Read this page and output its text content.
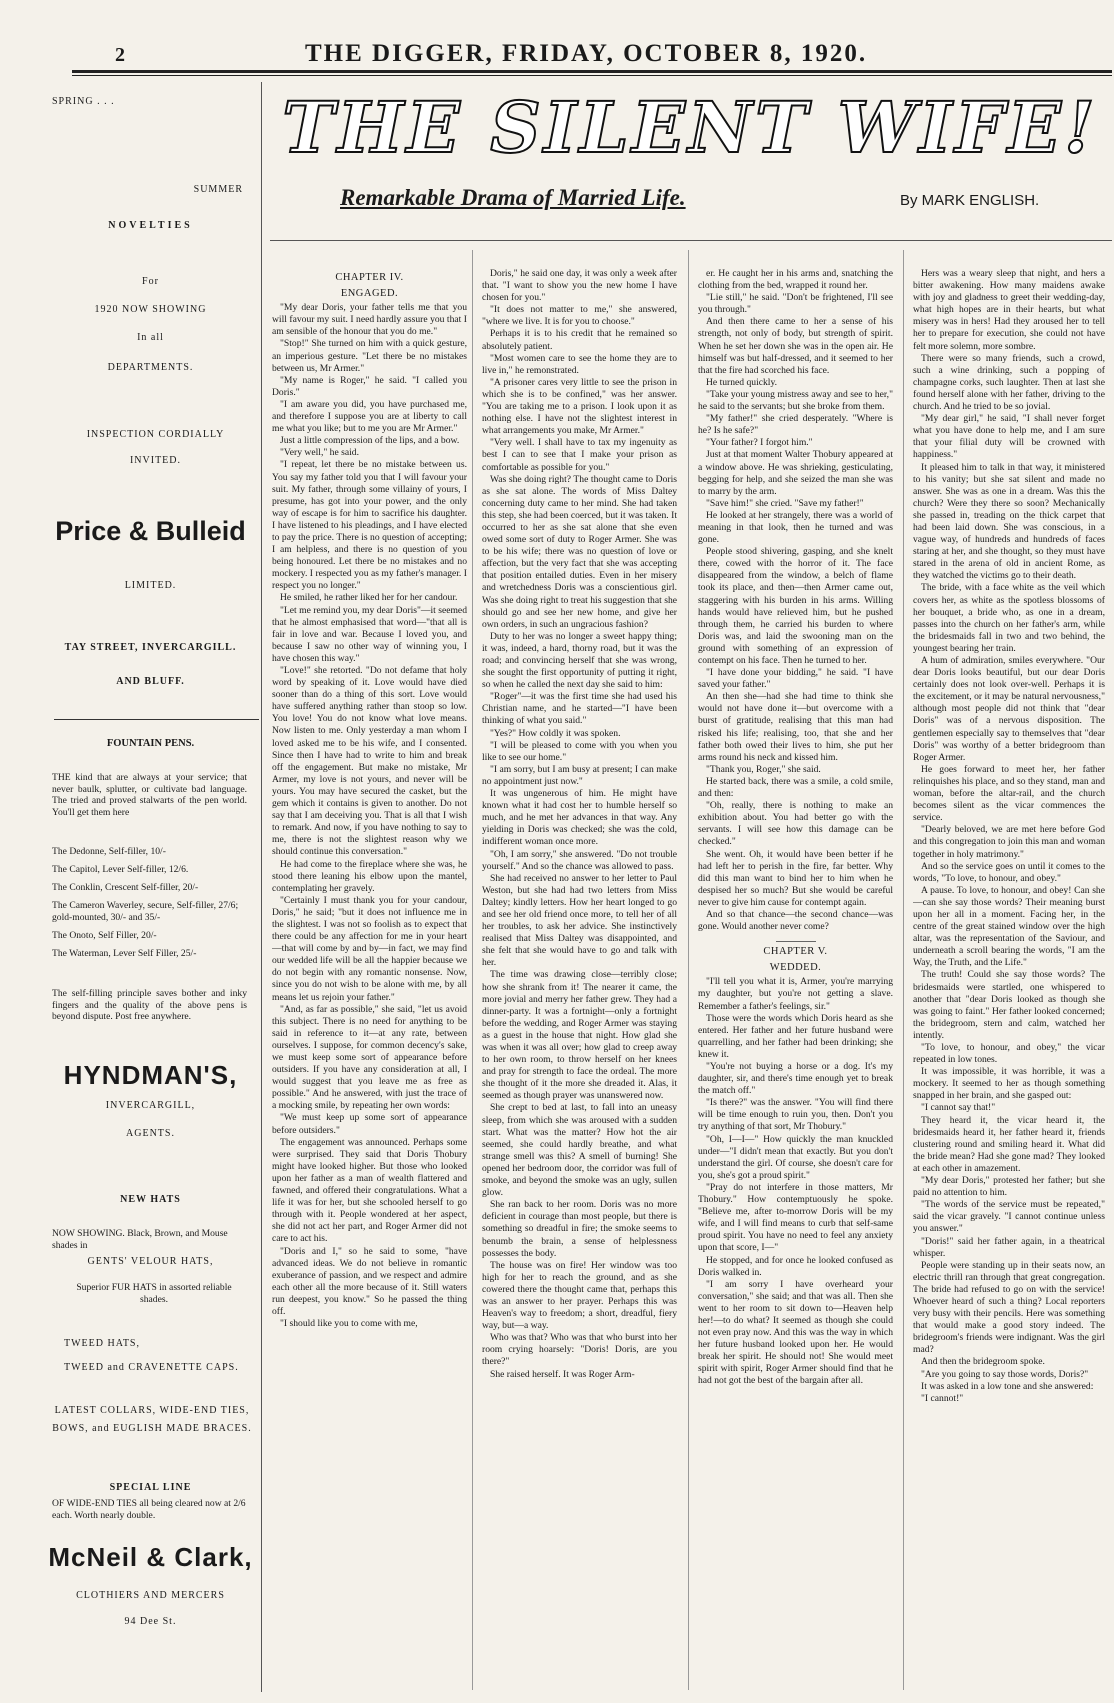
2	THE DIGGER, FRIDAY, OCTOBER 8, 1920.
SPRING . . .
SUMMER
NOVELTIES
For
1920 NOW SHOWING
In all
DEPARTMENTS.
INSPECTION CORDIALLY INVITED.

Price & Bulleid

LIMITED.
TAY STREET, INVERCARGILL.
AND BLUFF.
FOUNTAIN PENS.
THE kind that are always at your service; that never baulk, splutter, or cultivate bad language. The tried and proved stalwarts of the pen world. You'll get them here
The Dedonne, Self-filler, 10/-
The Capitol, Lever Self-filler, 12/6.
The Conklin, Crescent Self-filler, 20/-
The Cameron Waverley, secure, Self-filler, 27/6; gold-mounted, 30/- and 35/-
The Onoto, Self Filler, 20/-
The Waterman, Lever Self Filler, 25/-
The self-filling principle saves bother and inky fingers and the quality of the above pens is beyond dispute. Post free anywhere.

HYNDMAN'S,

INVERCARGILL,
AGENTS.
NEW HATS
NOW SHOWING. Black, Brown, and Mouse shades in
GENTS' VELOUR HATS,
Superior FUR HATS in assorted reliable shades.
TWEED HATS,
TWEED and CRAVENETTE CAPS.
LATEST COLLARS, WIDE-END TIES, BOWS, and EUGLISH MADE BRACES.
SPECIAL LINE
OF WIDE-END TIES all being cleared now at 2/6 each. Worth nearly double.

McNeil & Clark,

CLOTHIERS AND MERCERS
94 Dee St.
THE SILENT WIFE!
Remarkable Drama of Married Life.	By MARK ENGLISH.
CHAPTER IV.
ENGAGED.

"My dear Doris, your father tells me that you will favour my suit. I need hardly assure you that I am sensible of the honour that you do me."

"Stop!" She turned on him with a quick gesture, an imperious gesture. "Let there be no mistakes between us, Mr Armer."

"My name is Roger," he said. "I called you Doris."

"I am aware you did, you have purchased me, and therefore I suppose you are at liberty to call me what you like; but to me you are Mr Armer."

Just a little compression of the lips, and a bow.

"Very well," he said.

"I repeat, let there be no mistake between us. You say my father told you that I will favour your suit. My father, through some villainy of yours, I presume, has got into your power, and the only way of escape is for him to sacrifice his daughter. I have listened to his pleadings, and I have elected to pay the price. There is no question of accepting; I am helpless, and there is no question of you being honoured. Let there be no mistakes and no mockery. I respected you as my father's manager. I respect you no longer."

He smiled, he rather liked her for her candour.

"Let me remind you, my dear Doris"—it seemed that he almost emphasised that word—"that all is fair in love and war. Because I loved you, and because I saw no other way of winning you, I have chosen this way."

"Love!" she retorted. "Do not defame that holy word by speaking of it. Love would have died sooner than do a thing of this sort. Love would have suffered anything rather than stoop so low. You love! You do not know what love means. Now listen to me. Only yesterday a man whom I loved asked me to be his wife, and I consented. Since then I have had to write to him and break off the engagement. But make no mistake, Mr Armer, my love is not yours, and never will be yours. You may have secured the casket, but the gem which it contains is given to another. Do not say that I am deceiving you. That is all that I wish to remark. And now, if you have nothing to say to me, there is not the slightest reason why we should continue this conversation."

He had come to the fireplace where she was, he stood there leaning his elbow upon the mantel, contemplating her gravely.

"Certainly I must thank you for your candour, Doris," he said; "but it does not influence me in the slightest. I was not so foolish as to expect that there could be any affection for me in your heart—that will come by and by—in fact, we may find our wedded life will be all the happier because we do not begin with any romantic nonsense. Now, since you do not wish to be alone with me, by all means let us rejoin your father."

"And, as far as possible," she said, "let us avoid this subject. There is no need for anything to be said in reference to it—at any rate, between ourselves. I suppose, for common decency's sake, we must keep some sort of appearance before outsiders. If you have any consideration at all, I would suggest that you leave me as free as possible." And he answered, with just the trace of a mocking smile, by repeating her own words:

"We must keep up some sort of appearance before outsiders."

The engagement was announced. Perhaps some were surprised. They said that Doris Thobury might have looked higher. But those who looked upon her father as a man of wealth flattered and fawned, and offered their congratulations. What a life it was for her, but she schooled herself to go through with it. People wondered at her aspect, she did not act her part, and Roger Armer did not care to act his.

"Doris and I," so he said to some, "have advanced ideas. We do not believe in romantic exuberance of passion, and we respect and admire each other all the more because of it. Still waters run deepest, you know." So he passed the thing off.

"I should like you to come with me,

Doris," he said one day, it was only a week after that. "I want to show you the new home I have chosen for you."

"It does not matter to me," she answered, "where we live. It is for you to choose."

Perhaps it is to his credit that he remained so absolutely patient.

"Most women care to see the home they are to live in," he remonstrated.

"A prisoner cares very little to see the prison in which she is to be confined," was her answer. "You are taking me to a prison. I look upon it as nothing else. I have not the slightest interest in what arrangements you make, Mr Armer."

"Very well. I shall have to tax my ingenuity as best I can to see that I make your prison as comfortable as possible for you."

Was she doing right? The thought came to Doris as she sat alone. The words of Miss Daltey concerning duty came to her mind. She had taken this step, she had been coerced, but it was taken. It occurred to her as she sat alone that she even owed some sort of duty to Roger Armer. She was to be his wife; there was no question of love or affection, but the very fact that she was accepting that position entailed duties. Even in her misery and wretchedness Doris was a conscientious girl. Was she doing right to treat his suggestion that she should go and see her new home, and give her own orders, in such an ungracious fashion?

Duty to her was no longer a sweet happy thing; it was, indeed, a hard, thorny road, but it was the road; and convincing herself that she was wrong, she sought the first opportunity of putting it right, so when he called the next day she said to him:

"Roger"—it was the first time she had used his Christian name, and he started—"I have been thinking of what you said."

"Yes?" How coldly it was spoken.

"I will be pleased to come with you when you like to see our home."

"I am sorry, but I am busy at present; I can make no appointment just now."

It was ungenerous of him. He might have known what it had cost her to humble herself so much, and he met her advances in that way. Any yielding in Doris was checked; she was the cold, indifferent woman once more.

"Oh, I am sorry," she answered. "Do not trouble yourself." And so the chance was allowed to pass.

She had received no answer to her letter to Paul Weston, but she had had two letters from Miss Daltey; kindly letters. How her heart longed to go and see her old friend once more, to tell her of all her troubles, to ask her advice. She instinctively realised that Miss Daltey was disappointed, and she felt that she would have to go and talk with her.

The time was drawing close—terribly close; how she shrank from it! The nearer it came, the more jovial and merry her father grew. They had a dinner-party. It was a fortnight—only a fortnight before the wedding, and Roger Armer was staying as a guest in the house that night. How glad she was when it was all over; how glad to creep away to her own room, to throw herself on her knees and pray for strength to face the ordeal. The more she thought of it the more she dreaded it. Alas, it seemed as though prayer was unanswered now.

She crept to bed at last, to fall into an uneasy sleep, from which she was aroused with a sudden start. What was the matter? How hot the air seemed, she could hardly breathe, and what strange smell was this? A smell of burning! She opened her bedroom door, the corridor was full of smoke, and beyond the smoke was an ugly, sullen glow.

She ran back to her room. Doris was no more deficient in courage than most people, but there is something so dreadful in fire; the smoke seems to benumb the brain, a sense of helplessness possesses the body.

The house was on fire! Her window was too high for her to reach the ground, and as she cowered there the thought came that, perhaps this was an answer to her prayer. Perhaps this was Heaven's way to freedom; a short, dreadful, fiery way, but—a way.

Who was that? Who was that who burst into her room crying hoarsely: "Doris! Doris, are you there?"

She raised herself. It was Roger Arm-

er. He caught her in his arms and, snatching the clothing from the bed, wrapped it round her.

"Lie still," he said. "Don't be frightened, I'll see you through."

And then there came to her a sense of his strength, not only of body, but strength of spirit. When he set her down she was in the open air. He himself was but half-dressed, and it seemed to her that the fire had scorched his face.

He turned quickly.

"Take your young mistress away and see to her," he said to the servants; but she broke from them.

"My father!" she cried desperately. "Where is he? Is he safe?"

"Your father? I forgot him."

Just at that moment Walter Thobury appeared at a window above. He was shrieking, gesticulating, begging for help, and she seized the man she was to marry by the arm.

"Save him!" she cried. "Save my father!"

He looked at her strangely, there was a world of meaning in that look, then he turned and was gone.

People stood shivering, gasping, and she knelt there, cowed with the horror of it. The face disappeared from the window, a belch of flame took its place, and then—then Armer came out, staggering with his burden in his arms. Willing hands would have relieved him, but he pushed through them, he carried his burden to where Doris was, and laid the swooning man on the ground with something of an expression of contempt on his face. Then he turned to her.

"I have done your bidding," he said. "I have saved your father."

An then she—had she had time to think she would not have done it—but overcome with a burst of gratitude, realising that this man had risked his life; realising, too, that she and her father both owed their lives to him, she put her arms round his neck and kissed him.

"Thank you, Roger," she said.

He started back, there was a smile, a cold smile, and then:

"Oh, really, there is nothing to make an exhibition about. You had better go with the servants. I will see how this damage can be checked."

She went. Oh, it would have been better if he had left her to perish in the fire, far better. Why did this man want to bind her to him when he despised her so much? But she would be careful never to give him cause for contempt again.

And so that chance—the second chance—was gone. Would another never come?

CHAPTER V.
WEDDED.

"I'll tell you what it is, Armer, you're marrying my daughter, but you're not getting a slave. Remember a father's feelings, sir."

Those were the words which Doris heard as she entered. Her father and her future husband were quarrelling, and her father had been drinking; she knew it.

"You're not buying a horse or a dog. It's my daughter, sir, and there's time enough yet to break the match off."

"Is there?" was the answer. "You will find there will be time enough to ruin you, then. Don't you try anything of that sort, Mr Thobury."

"Oh, I—I—" How quickly the man knuckled under—"I didn't mean that exactly. But you don't understand the girl. Of course, she doesn't care for you, she's got a proud spirit."

"Pray do not interfere in those matters, Mr Thobury." How contemptuously he spoke. "Believe me, after to-morrow Doris will be my wife, and I will find means to curb that self-same proud spirit. You have no need to feel any anxiety upon that score, I—"

He stopped, and for once he looked confused as Doris walked in.

"I am sorry I have overheard your conversation," she said; and that was all. Then she went to her room to sit down to—Heaven help her!—to do what? It seemed as though she could not even pray now. And this was the way in which her future husband looked upon her. He would break her spirit. He should not! She would meet spirit with spirit, Roger Armer should find that he had not got the best of the bargain after all.

Hers was a weary sleep that night, and hers a bitter awakening. How many maidens awake with joy and gladness to greet their wedding-day, what high hopes are in their hearts, but what misery was in hers! Had they aroused her to tell her to prepare for execution, she could not have felt more solemn, more sombre.

There were so many friends, such a crowd, such a wine drinking, such a popping of champagne corks, such laughter. Then at last she found herself alone with her father, driving to the church. And he tried to be so jovial.

"My dear girl," he said, "I shall never forget what you have done to help me, and I am sure that your filial duty will be crowned with happiness."

It pleased him to talk in that way, it ministered to his vanity; but she sat silent and made no answer. She was as one in a dream. Was this the church? Were they there so soon? Mechanically she passed in, treading on the thick carpet that had been laid down. She was conscious, in a vague way, of hundreds and hundreds of faces staring at her, and she thought, so they must have stared in the arena of old in ancient Rome, as they watched the victims go to their death.

The bride, with a face white as the veil which covers her, as white as the spotless blossoms of her bouquet, a bride who, as one in a dream, passes into the church on her father's arm, while the bridesmaids fall in two and two behind, the youngest bearing her train.

A hum of admiration, smiles everywhere. "Our dear Doris looks beautiful, but our dear Doris certainly does not look over-well. Perhaps it is the excitement, or it may be natural nervousness," although most people did not think that "dear Doris" was of a nervous disposition. The gentlemen especially say to themselves that "dear Doris" was worthy of a better bridegroom than Roger Armer.

He goes forward to meet her, her father relinquishes his place, and so they stand, man and woman, before the altar-rail, and the church becomes silent as the vicar commences the service.

"Dearly beloved, we are met here before God and this congregation to join this man and woman together in holy matrimony."

And so the service goes on until it comes to the words, "To love, to honour, and obey."

A pause. To love, to honour, and obey! Can she—can she say those words? Their meaning burst upon her all in a moment. Facing her, in the centre of the great stained window over the high altar, was the representation of the Saviour, and underneath a scroll bearing the words, "I am the Way, the Truth, and the Life."

The truth! Could she say those words? The bridesmaids were startled, one whispered to another that "dear Doris looked as though she was going to faint." Her father looked concerned; the bridegroom, stern and calm, watched her intently.

"To love, to honour, and obey," the vicar repeated in low tones.

It was impossible, it was horrible, it was a mockery. It seemed to her as though something snapped in her brain, and she gasped out:

"I cannot say that!"

They heard it, the vicar heard it, the bridesmaids heard it, her father heard it, friends clustering round and smiling heard it. What did the bride mean? Had she gone mad? They looked at each other in amazement.

"My dear Doris," protested her father; but she paid no attention to him.

"The words of the service must be repeated," said the vicar gravely. "I cannot continue unless you answer."

"Doris!" said her father again, in a theatrical whisper.

People were standing up in their seats now, an electric thrill ran through that great congregation. The bride had refused to go on with the service! Whoever heard of such a thing? Local reporters very busy with their pencils. Here was something that would make a good story indeed. The bridegroom's friends were indignant. Was the girl mad?

And then the bridegroom spoke.

"Are you going to say those words, Doris?"

It was asked in a low tone and she answered:

"I cannot!"
